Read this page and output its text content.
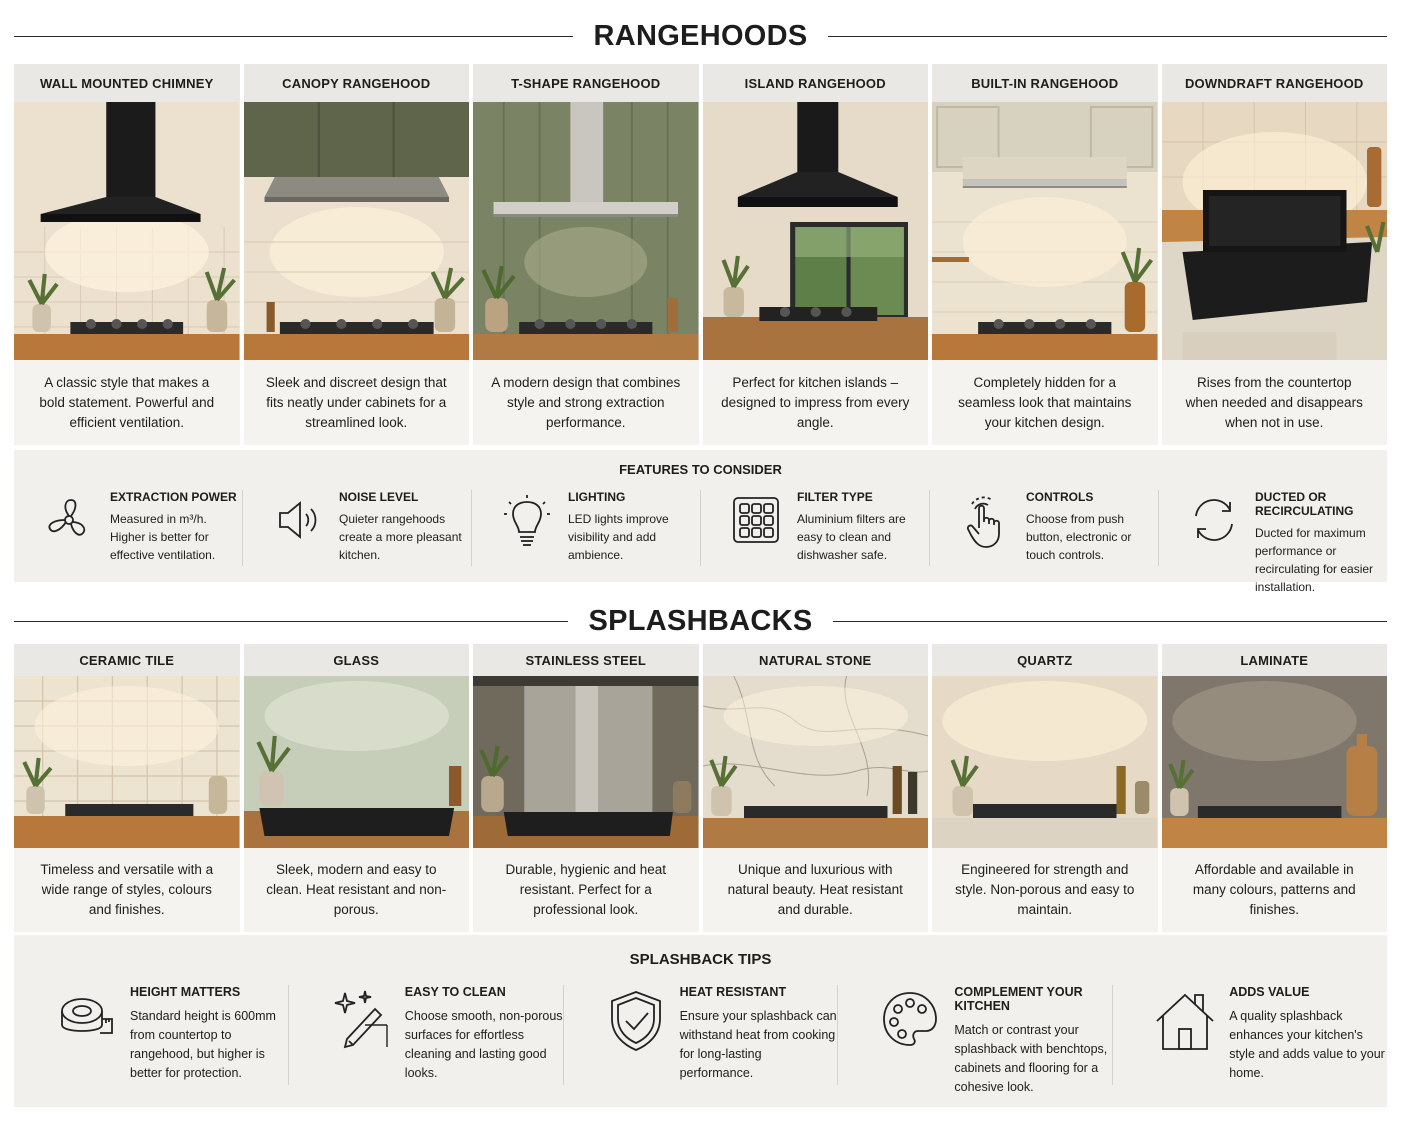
RANGEHOODS
WALL MOUNTED CHIMNEY
A classic style that makes a bold statement. Powerful and efficient ventilation.
CANOPY RANGEHOOD
Sleek and discreet design that fits neatly under cabinets for a streamlined look.
T-SHAPE RANGEHOOD
A modern design that combines style and strong extraction performance.
ISLAND RANGEHOOD
Perfect for kitchen islands – designed to impress from every angle.
BUILT-IN RANGEHOOD
Completely hidden for a seamless look that maintains your kitchen design.
DOWNDRAFT RANGEHOOD
Rises from the countertop when needed and disappears when not in use.
FEATURES TO CONSIDER
EXTRACTION POWER
Measured in m³/h. Higher is better for effective ventilation.
NOISE LEVEL
Quieter rangehoods create a more pleasant kitchen.
LIGHTING
LED lights improve visibility and add ambience.
FILTER TYPE
Aluminium filters are easy to clean and dishwasher safe.
CONTROLS
Choose from push button, electronic or touch controls.
DUCTED OR RECIRCULATING
Ducted for maximum performance or recirculating for easier installation.
SPLASHBACKS
CERAMIC TILE
Timeless and versatile with a wide range of styles, colours and finishes.
GLASS
Sleek, modern and easy to clean. Heat resistant and non-porous.
STAINLESS STEEL
Durable, hygienic and heat resistant. Perfect for a professional look.
NATURAL STONE
Unique and luxurious with natural beauty. Heat resistant and durable.
QUARTZ
Engineered for strength and style. Non-porous and easy to maintain.
LAMINATE
Affordable and available in many colours, patterns and finishes.
SPLASHBACK TIPS
HEIGHT MATTERS
Standard height is 600mm from countertop to rangehood, but higher is better for protection.
EASY TO CLEAN
Choose smooth, non-porous surfaces for effortless cleaning and lasting good looks.
HEAT RESISTANT
Ensure your splashback can withstand heat from cooking for long-lasting performance.
COMPLEMENT YOUR KITCHEN
Match or contrast your splashback with benchtops, cabinets and flooring for a cohesive look.
ADDS VALUE
A quality splashback enhances your kitchen's style and adds value to your home.
